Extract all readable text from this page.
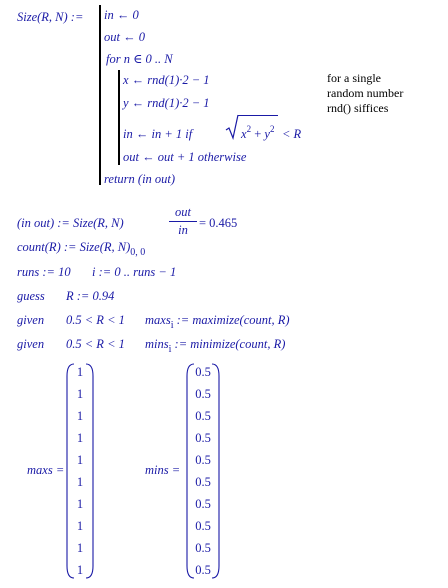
Size(R, N) := in ← 0
out ← 0
for n ∈ 0 .. N
x ← rnd(1)·2 − 1
y ← rnd(1)·2 − 1
in ← in + 1 if	$x^2 + y^2 < R$
out ← out + 1 otherwise
return (in out)
for a single
random number
rnd() siffices
(in out) := Size(R, N)
out
in = 0.465
count(R) := Size(R, $N)_{0, 0}$
runs := 10 i := 0 .. runs − 1
guess R := 0.94
given 0.5 < R < 1 maxs$_i$ := maximize(count, R)
given 0.5 < R < 1 mins$_i$ := minimize(count, R)
maxs =
1
1
1
1
1
1
1
1
1
1
mins =
0.5
0.5
0.5
0.5
0.5
0.5
0.5
0.5
0.5
0.5
